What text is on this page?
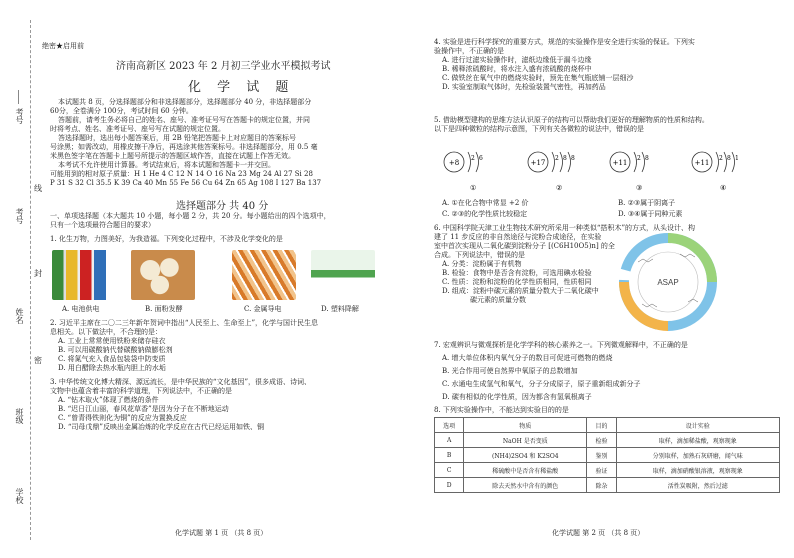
考号
考号
姓名
班级
学校
线
封
密
绝密★启用前
济南高新区 2023 年 2 月初三学业水平模拟考试
化 学 试 题
本试题共 8 页，分选择题部分和非选择题部分，选择题部分 40 分，非选择题部分
60分，全卷满分 100分，考试时间 60 分钟。
答题前，请考生务必将自己的姓名、座号、准考证号写在答题卡的规定位置，并同
时将考点、姓名、准考证号、座号写在试题的规定位置。
答选择题时，选出每小题答案后，用 2B 铅笔把答题卡上对应题目的答案标号
号涂黑；如需改动，用橡皮擦干净后，再选涂其他答案标号。非选择题部分，用 0.5 毫
米黑色签字笔在答题卡上题号所提示的答题区域作答，直接在试题上作答无效。
本考试不允许使用计算器。考试结束后，将本试题和答题卡一并交回。
可能用到的相对原子质量：H 1 He 4 C 12 N 14 O 16 Na 23 Mg 24 Al 27 Si 28
P 31 S 32 Cl 35.5 K 39 Ca 40 Mn 55 Fe 56 Cu 64 Zn 65 Ag 108 I 127 Ba 137
选择题部分 共 40 分
一、单项选择题（本大题共 10 小题，每小题 2 分，共 20 分。每小题给出的四个选项中，
只有一个选项最符合题目的要求）
1. 化生万物，力图美好，为我造福。下列变化过程中，不涉及化学变化的是
A. 电池供电	B. 面粉发酵	C. 金属导电	D. 塑料降解
2. 习近平主席在二〇二三年新年贺词中指出“人民至上、生命至上”，化学与国计民生息
息相关。以下做法中，不合理的是：
A. 工业上常常使用铁粉来储存硅衣
B. 可以用碳酸钠代替碳酸钠做膨松剂
C. 将氮气充入食品包装袋中防变质
D. 用白醋除去热水瓶内胆上的水垢
3. 中华传统文化博大精深、源远流长，是中华民族的“文化基因”，很多成语、诗词、
文物中也蕴含着丰富的科学道理，下列说法中，不正确的是
A. “钻木取火”体现了燃烧的条件
B. “迟日江山丽，春风花草香”是因为分子在不断地运动
C. “曾青得铁则化为铜”的反应为置换反应
D. “司母戊鼎”反映出金属冶炼的化学反应在古代已经运用如铁、铜
化学试题 第 1 页 （共 8 页）
4. 实验是进行科学探究的重要方式，规范的实验操作是安全进行实验的保证。下列实
验操作中，不正确的是
A. 进行过滤实验操作时，滤纸边缘低于漏斗边缘
B. 稀释浓硫酸时，将水注入盛有浓硫酸的烧杯中
C. 做铁丝在氧气中的燃烧实验时，预先在集气瓶底铺一层细沙
D. 实验室制取气体时，先检验装置气密性，再加药品
5. 借助模型建构的思维方法认识原子的结构可以帮助我们更好的理解物质的性质和结构。
以下是四种微粒的结构示意图，下列有关各微粒的说法中，错误的是
+8
2 6
①
+17
2 8 8
②
+11
2 8
③
+11
2 8 1
④
A. ①在化合物中常显 +2 价	B. ②③属于阴离子
C. ②③的化学性质比较稳定	D. ③④属于同种元素
6. 中国科学院天津工业生物技术研究所采用一种类似“搭积木”的方式，从头设计、构
建了 11 步反应的非自然途径与淀粉合成途径，在实验
室中首次实现从二氧化碳到淀粉分子 [(C6H10O5)n] 的全
合成。下列说法中，错误的是
A. 分类：淀粉属于有机物
B. 检验：食物中是否含有淀粉，可选用碘水检验
C. 性质：淀粉和淀粉的化学性质相同，性质相同
D. 组成：淀粉中碳元素的质量分数大于二氧化碳中
碳元素的质量分数
ASAP
7. 宏观辨识与微观探析是化学学科的核心素养之一。下列微观解释中，不正确的是
A. 增大单位体积内氧气分子的数目可促进可燃物的燃烧
B. 光合作用可使自然界中氧原子的总数增加
C. 水通电生成氢气和氧气，分子分成原子，原子重新组成新分子
D. 碳有相似的化学性质，因为都含有氢氧根离子
8. 下列实验操作中，不能达到实验目的的是
选项	物质	目的	设计实验
A	NaOH 是否变质	检验	取样，滴加稀盐酸，观察现象
B	(NH4)2SO4 和 K2SO4	鉴别	分别取样，加熟石灰研磨，闻气味
C	稀硫酸中是否含有稀盐酸	验证	取样，滴加硝酸银溶液，观察现象
D	除去天然水中含有的颜色	除杂	活性炭吸附，然后过滤
化学试题 第 2 页 （共 8 页）
